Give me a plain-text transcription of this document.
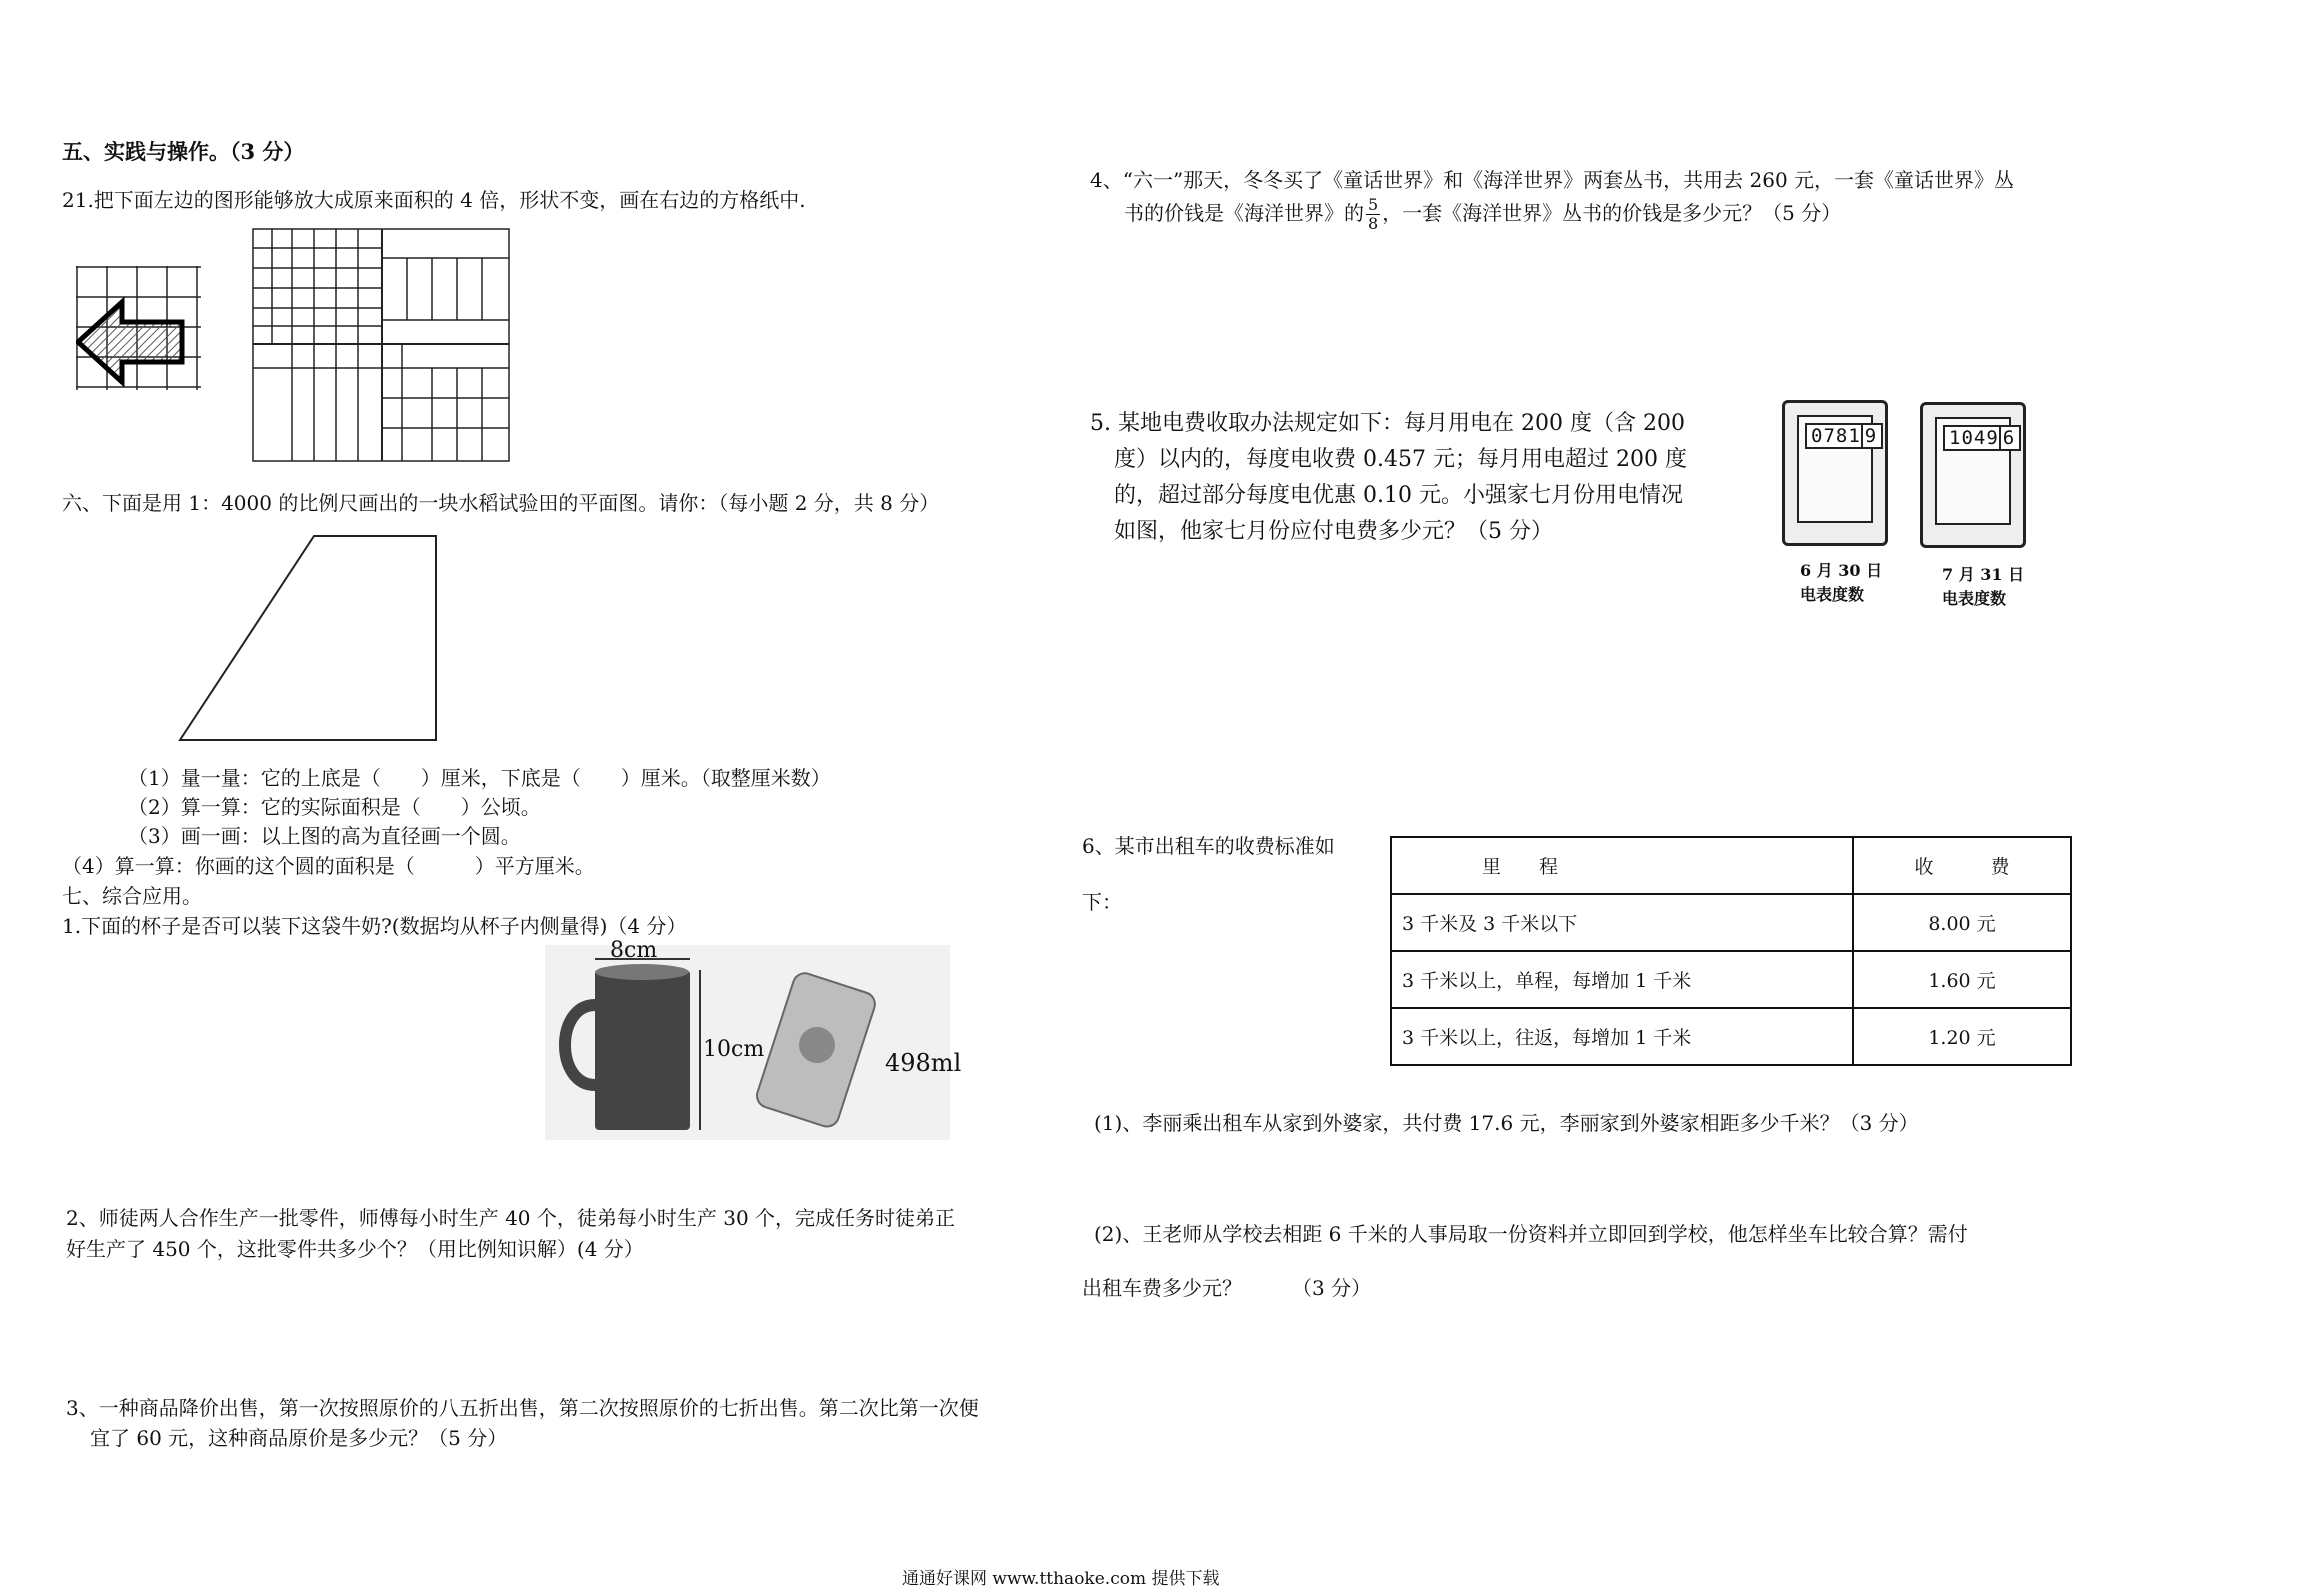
五、实践与操作。（3 分）
21.把下面左边的图形能够放大成原来面积的 4 倍，形状不变，画在右边的方格纸中.
六、下面是用 1：4000 的比例尺画出的一块水稻试验田的平面图。请你：（每小题 2 分，共 8 分）
（1）量一量：它的上底是（　　）厘米，下底是（　　）厘米。（取整厘米数）
（2）算一算：它的实际面积是（　　）公顷。
（3）画一画：以上图的高为直径画一个圆。
（4）算一算：你画的这个圆的面积是（　　　）平方厘米。
七、综合应用。
1.下面的杯子是否可以装下这袋牛奶?(数据均从杯子内侧量得)（4 分）
8cm
10cm	498ml
2、师徒两人合作生产一批零件，师傅每小时生产 40 个，徒弟每小时生产 30 个，完成任务时徒弟正
好生产了 450 个，这批零件共多少个？（用比例知识解）(4 分）
3、一种商品降价出售，第一次按照原价的八五折出售，第二次按照原价的七折出售。第二次比第一次便
宜了 60 元，这种商品原价是多少元？（5 分）
4、“六一”那天，冬冬买了《童话世界》和《海洋世界》两套丛书，共用去 260 元，一套《童话世界》丛
书的价钱是《海洋世界》的 $\frac{5}{8}$ ，一套《海洋世界》丛书的价钱是多少元？（5 分）
5. 某地电费收取办法规定如下：每月用电在 200 度（含 200
度）以内的，每度电收费 0.457 元；每月用电超过 200 度
的，超过部分每度电优惠 0.10 元。小强家七月份用电情况
如图，他家七月份应付电费多少元？（5 分）
0781 9
6 月 30 日
电表度数
1049 6
7 月 31 日
电表度数
6、某市出租车的收费标准如
下：
里　　程	收　　　费
3 千米及 3 千米以下	8.00 元
3 千米以上，单程，每增加 1 千米	1.60 元
3 千米以上，往返，每增加 1 千米	1.20 元
(1)、李丽乘出租车从家到外婆家，共付费 17.6 元，李丽家到外婆家相距多少千米？（3 分）
(2)、王老师从学校去相距 6 千米的人事局取一份资料并立即回到学校，他怎样坐车比较合算？需付
出租车费多少元？　　　（3 分）
通通好课网 www.tthaoke.com 提供下载
